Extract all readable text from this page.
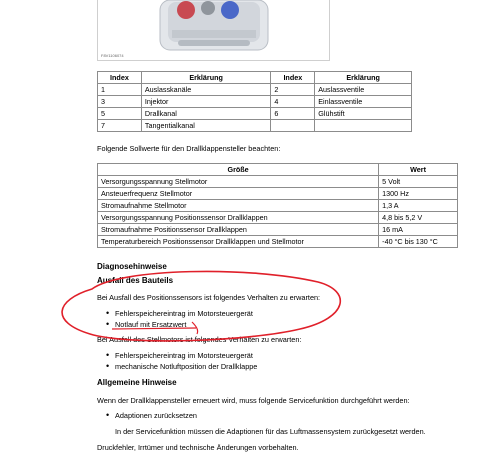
F8V1106074
Index	Erklärung	Index	Erklärung
1	Auslasskanäle	2	Auslassventile
3	Injektor	4	Einlassventile
5	Drallkanal	6	Glühstift
7	Tangentialkanal		
Folgende Sollwerte für den Drallklappensteller beachten:
Größe	Wert
Versorgungsspannung Stellmotor	5 Volt
Ansteuerfrequenz Stellmotor	1300 Hz
Stromaufnahme Stellmotor	1,3 A
Versorgungsspannung Positionssensor Drallklappen	4,8 bis 5,2 V
Stromaufnahme Positionssensor Drallklappen	16 mA
Temperaturbereich Positionssensor Drallklappen und Stellmotor	-40 °C bis 130 °C
Diagnosehinweise
Ausfall des Bauteils
Bei Ausfall des Positionssensors ist folgendes Verhalten zu erwarten:
• Fehlerspeichereintrag im Motorsteuergerät
• Notlauf mit Ersatzwert
Bei Ausfall des Stellmotors ist folgendes Verhalten zu erwarten:
• Fehlerspeichereintrag im Motorsteuergerät
• mechanische Notluftposition der Drallklappe
Allgemeine Hinweise
Wenn der Drallklappensteller erneuert wird, muss folgende Servicefunktion durchgeführt werden:
• Adaptionen zurücksetzen
In der Servicefunktion müssen die Adaptionen für das Luftmassensystem zurückgesetzt werden.
Druckfehler, Irrtümer und technische Änderungen vorbehalten.
